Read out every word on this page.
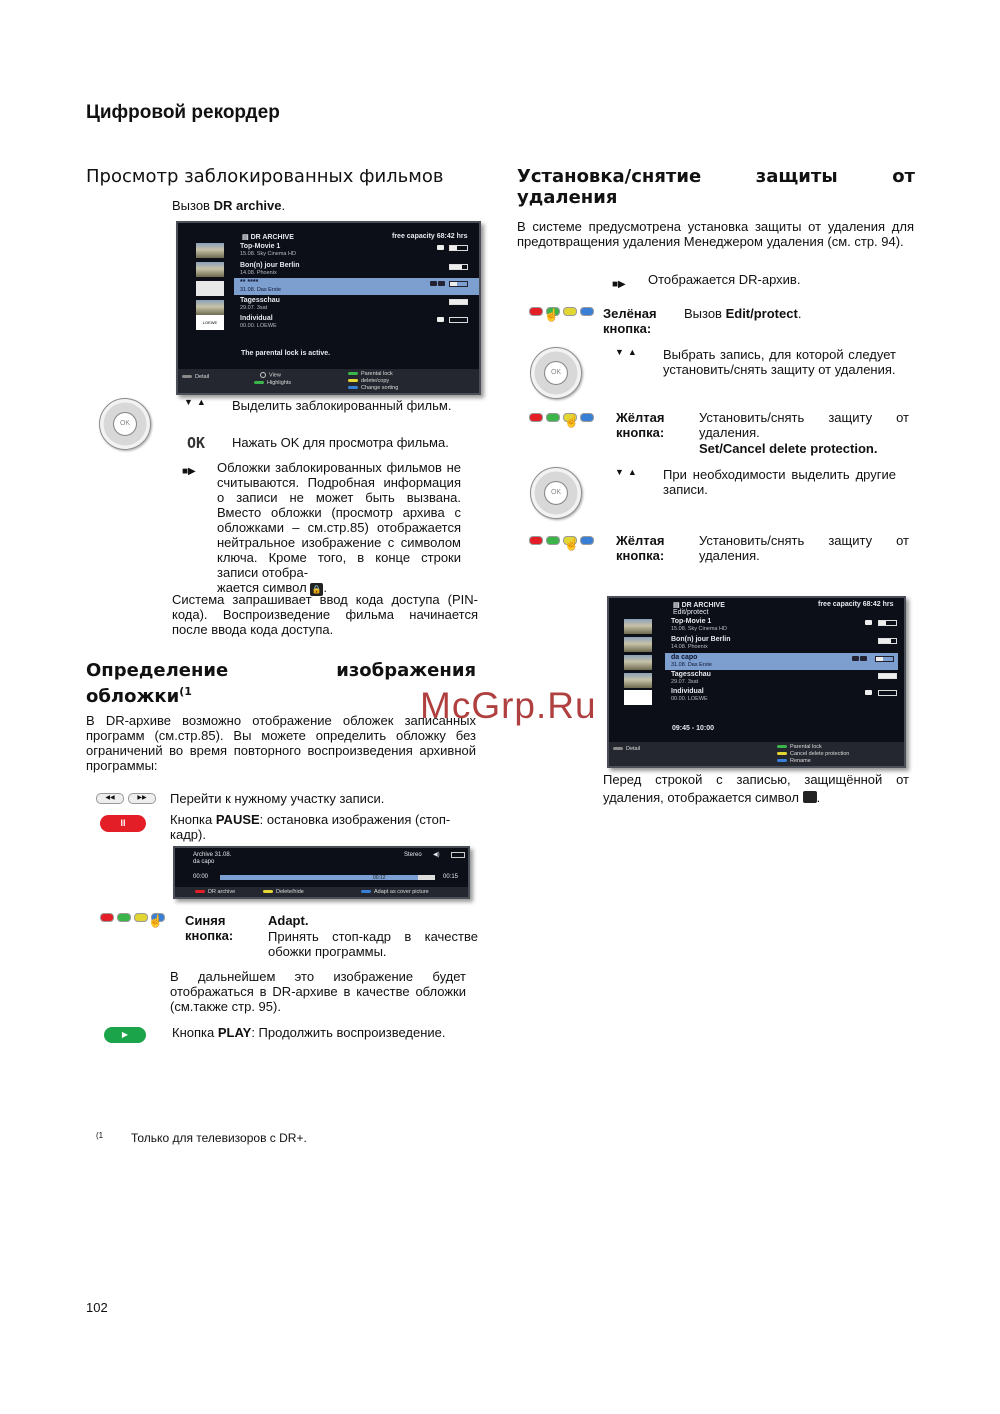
Цифровой рекордер
Просмотр заблокированных фильмов
Вызов DR archive.
▤ DR ARCHIVE	free capacity 68:42 hrs
LOEWE
Top-Movie 1
15.08. Sky Cinema HD
Bon(n) jour Berlin
14.08. Phoenix
** ****
31.08. Das Erste
Tagesschau
29.07. 3sat
Individual
00.00. LOEWE
The parental lock is active.
Detail	View
Highlights
Parental lock
delete/copy
Change sorting
OK
▼▲ Выделить заблокированный фильм.
OK Нажать OK для просмотра фильма.
■▶ Обложки заблокированных фильмов не считываются. Подробная информация о записи не может быть вызвана. Вместо обложки (просмотр архива с обложками – см.стр.85) отображается нейтральное изображение с символом ключа. Кроме того, в конце строки записи отобра-
жается символ 🔒 .
Система запрашивает ввод кода доступа (PIN-кода). Воспроизведение фильма начинается после ввода кода доступа.
Определение	изображения
обложки$^{(1}$
В DR-архиве возможно отображение обложек записанных программ (см.стр.85). Вы можете определить обложку без ограничений во время повторного воспроизведения архивной программы:
◀◀	▶▶	Перейти к нужному участку записи.
II	Кнопка PAUSE: остановка изображения (стоп-кадр).
Archive 31.08.
da capo
Stereo ◀)
00:00	00:12	00:15
DR archive	Delete/hide	Adapt as cover picture
☝ Синяя кнопка:
Adapt.
Принять стоп-кадр в качестве обожки программы.
В дальнейшем это изображение будет отображаться в DR-архиве в качестве обложки (см.также стр. 95).
▶	Кнопка PLAY: Продолжить воспроизведение.
(1 Только для телевизоров с DR+.
102
Установка/снятие защиты от удаления
В системе предусмотрена установка защиты от удаления для предотвращения удаления Менеджером удаления (см. стр. 94).
■▶ Отображается DR-архив.
☝	Зелёная кнопка:
Вызов Edit/protect.
OK
▼▲ Выбрать запись, для которой следует установить/снять защиту от удаления.
☝	Жёлтая кнопка:
Установить/снять защиту от удаления.
Set/Cancel delete protection.
OK
▼▲ При необходимости выделить другие записи.
☝	Жёлтая кнопка:
Установить/снять защиту от удаления.
▤ DR ARCHIVE
Edit/protect
free capacity 68:42 hrs
Top-Movie 1
15.08. Sky Cinema HD
Bon(n) jour Berlin
14.08. Phoenix
da capo
31.08. Das Erste
Tagesschau
29.07. 3sat
Individual
00.00. LOEWE
09:45 - 10:00
Detail	Parental lock
Cancel delete protection
Rename
Перед строкой с записью, защищённой от удаления, отображается символ .
McGrp.Ru
